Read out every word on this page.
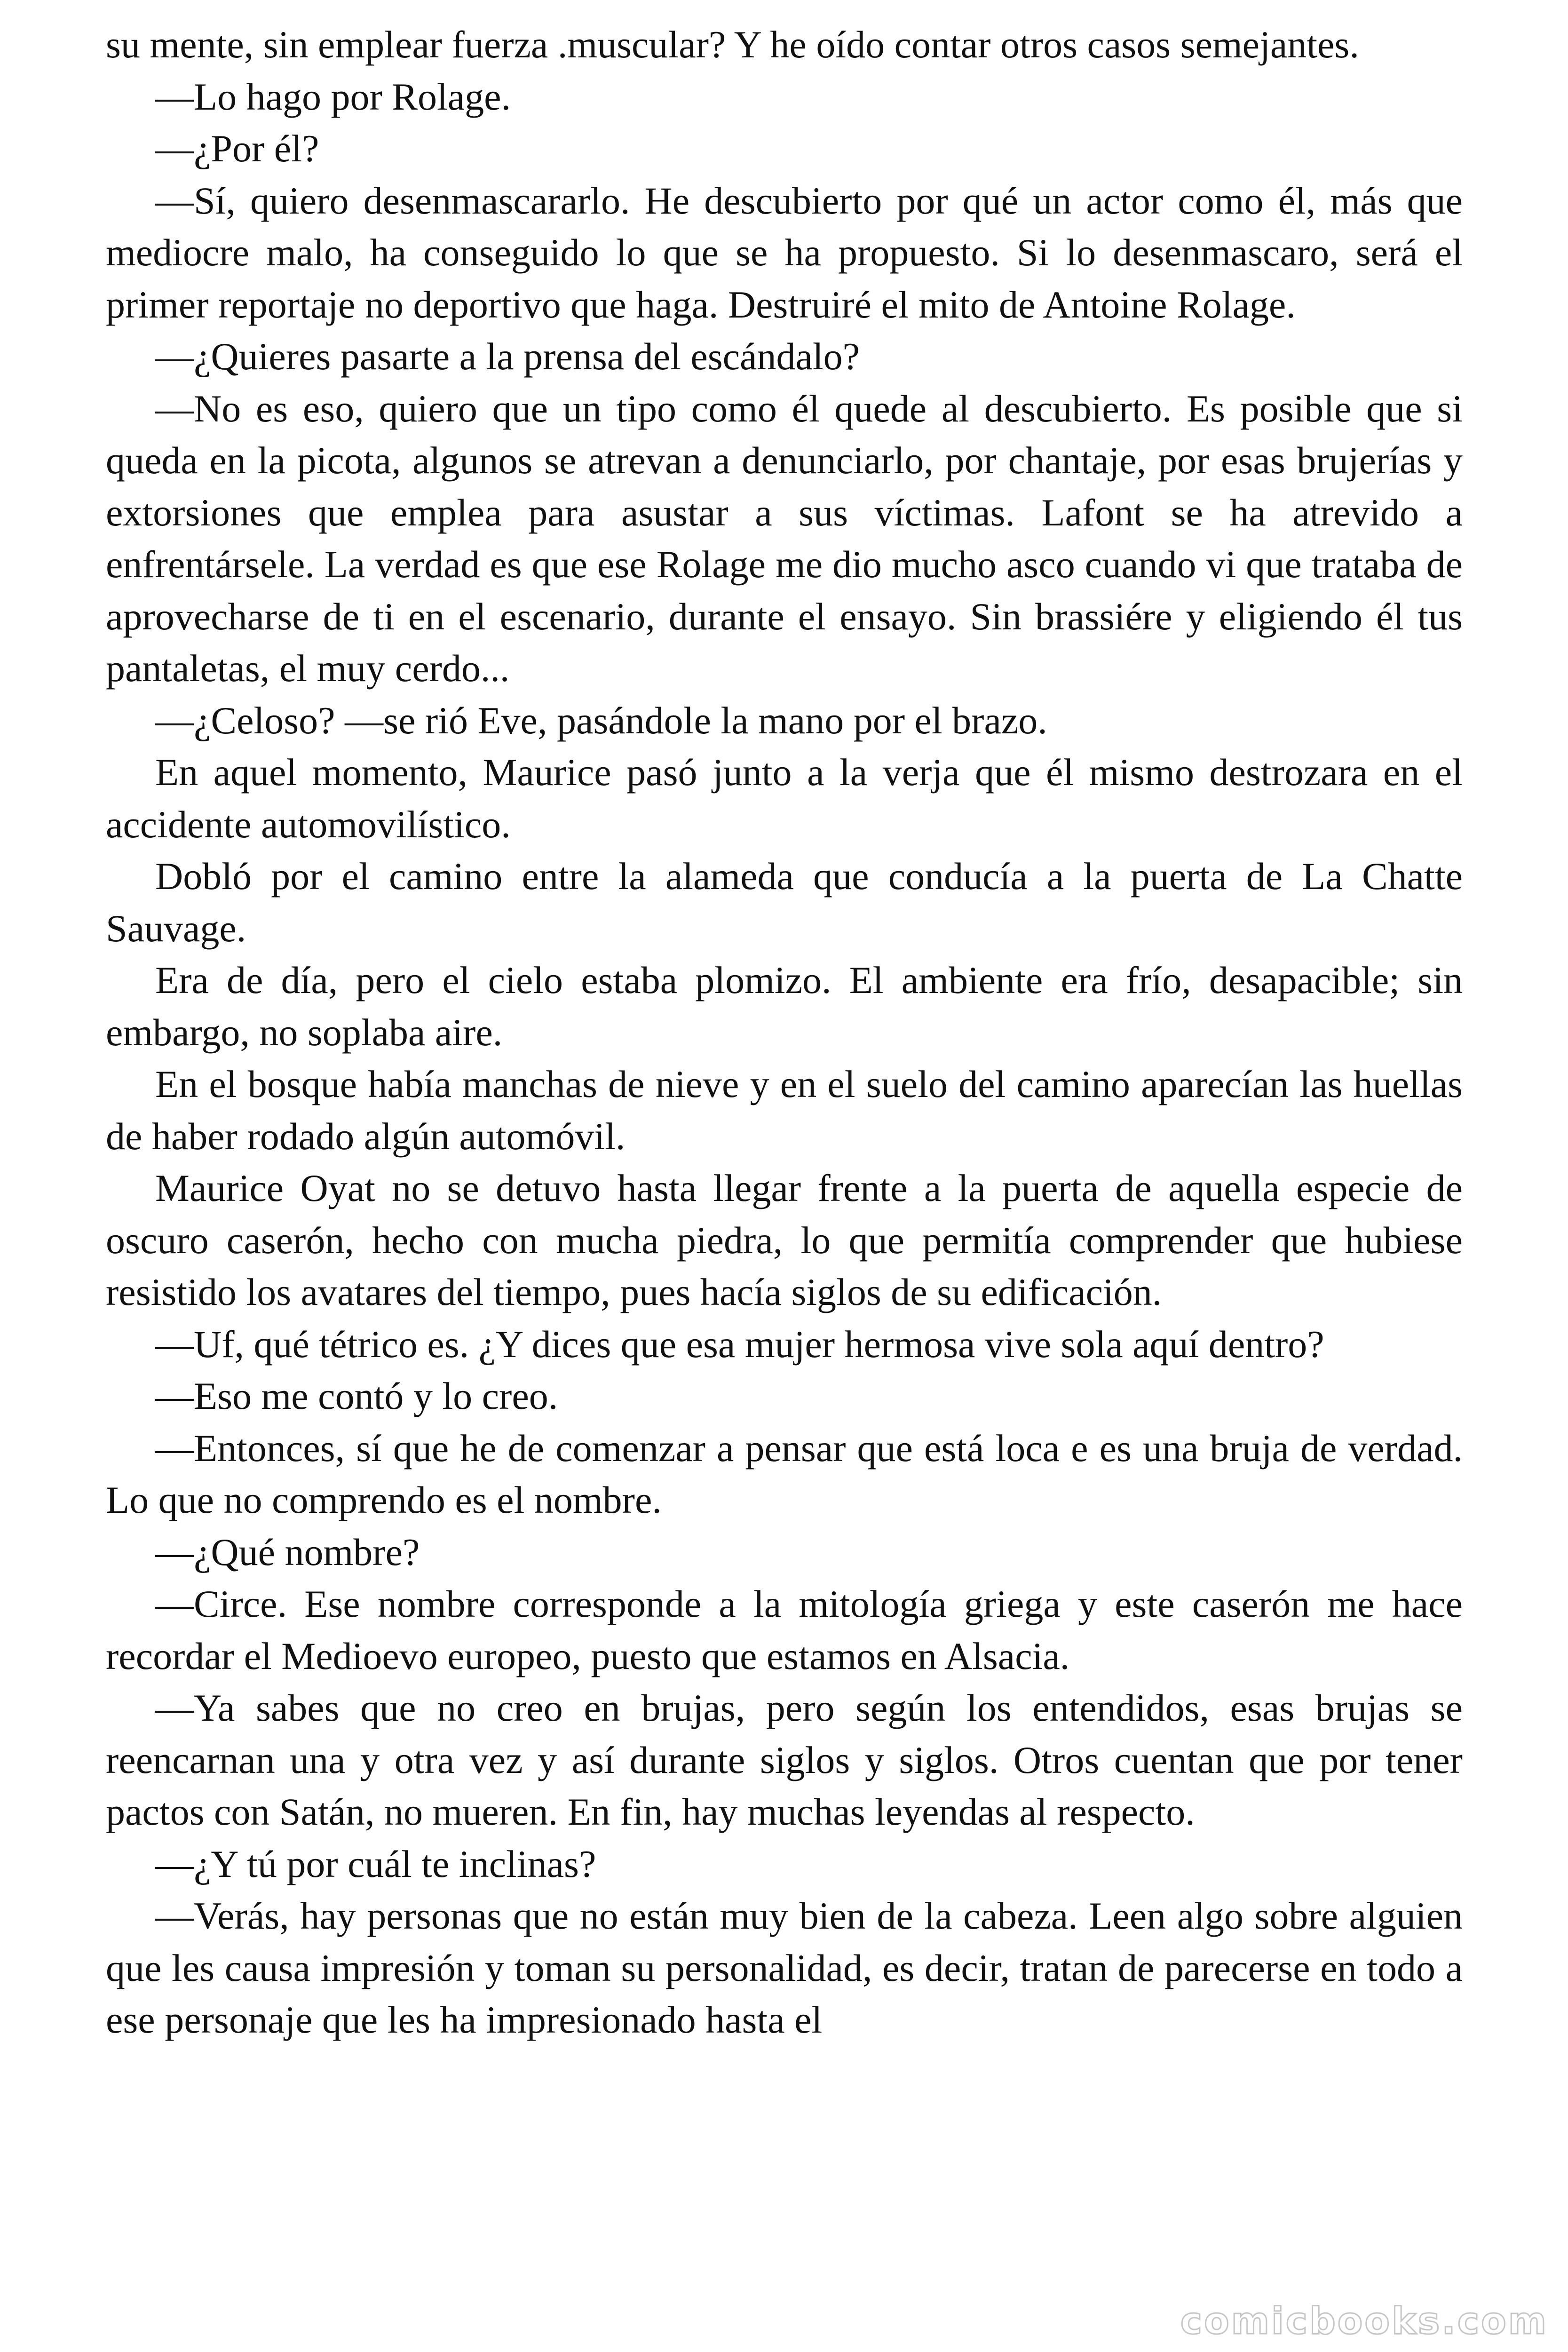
su mente, sin emplear fuerza .muscular? Y he oído contar otros casos semejantes.

—Lo hago por Rolage.

—¿Por él?

—Sí, quiero desenmascararlo. He descubierto por qué un actor como él, más que mediocre malo, ha conseguido lo que se ha propuesto. Si lo desenmascaro, será el primer reportaje no deportivo que haga. Destruiré el mito de Antoine Rolage.

—¿Quieres pasarte a la prensa del escándalo?

—No es eso, quiero que un tipo como él quede al descubierto. Es posible que si queda en la picota, algunos se atrevan a denunciarlo, por chantaje, por esas brujerías y extorsiones que emplea para asustar a sus víctimas. Lafont se ha atrevido a enfrentársele. La verdad es que ese Rolage me dio mucho asco cuando vi que trataba de aprovecharse de ti en el escenario, durante el ensayo. Sin brassiére y eligiendo él tus pantaletas, el muy cerdo...

—¿Celoso? —se rió Eve, pasándole la mano por el brazo.

En aquel momento, Maurice pasó junto a la verja que él mismo destrozara en el accidente automovilístico.

Dobló por el camino entre la alameda que conducía a la puerta de La Chatte Sauvage.

Era de día, pero el cielo estaba plomizo. El ambiente era frío, desapacible; sin embargo, no soplaba aire.

En el bosque había manchas de nieve y en el suelo del camino aparecían las huellas de haber rodado algún automóvil.

Maurice Oyat no se detuvo hasta llegar frente a la puerta de aquella especie de oscuro caserón, hecho con mucha piedra, lo que permitía comprender que hubiese resistido los avatares del tiempo, pues hacía siglos de su edificación.

—Uf, qué tétrico es. ¿Y dices que esa mujer hermosa vive sola aquí dentro?

—Eso me contó y lo creo.

—Entonces, sí que he de comenzar a pensar que está loca e es una bruja de verdad. Lo que no comprendo es el nombre.

—¿Qué nombre?

—Circe. Ese nombre corresponde a la mitología griega y este caserón me hace recordar el Medioevo europeo, puesto que estamos en Alsacia.

—Ya sabes que no creo en brujas, pero según los entendidos, esas brujas se reencarnan una y otra vez y así durante siglos y siglos. Otros cuentan que por tener pactos con Satán, no mueren. En fin, hay muchas leyendas al respecto.

—¿Y tú por cuál te inclinas?

—Verás, hay personas que no están muy bien de la cabeza. Leen algo sobre alguien que les causa impresión y toman su personalidad, es decir, tratan de parecerse en todo a ese personaje que les ha impresionado hasta el

comicbooks.com
